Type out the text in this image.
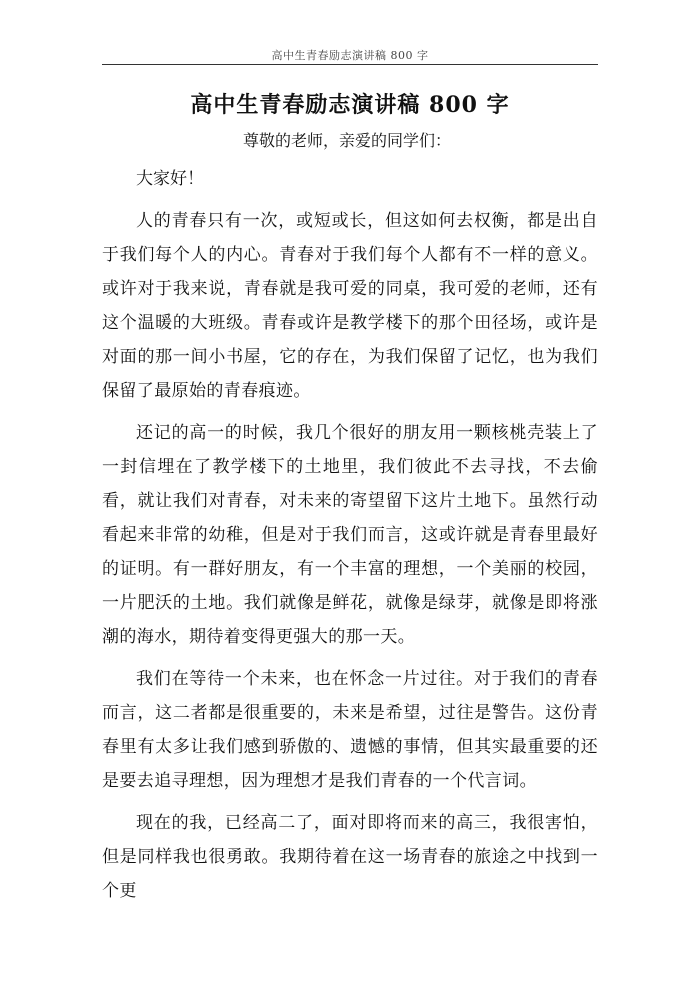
高中生青春励志演讲稿 800 字
高中生青春励志演讲稿 800 字

尊敬的老师，亲爱的同学们：

大家好！

人的青春只有一次，或短或长，但这如何去权衡，都是出自于我们每个人的内心。青春对于我们每个人都有不一样的意义。或许对于我来说，青春就是我可爱的同桌，我可爱的老师，还有这个温暖的大班级。青春或许是教学楼下的那个田径场，或许是对面的那一间小书屋，它的存在，为我们保留了记忆，也为我们保留了最原始的青春痕迹。

还记的高一的时候，我几个很好的朋友用一颗核桃壳装上了一封信埋在了教学楼下的土地里，我们彼此不去寻找，不去偷看，就让我们对青春，对未来的寄望留下这片土地下。虽然行动看起来非常的幼稚，但是对于我们而言，这或许就是青春里最好的证明。有一群好朋友，有一个丰富的理想，一个美丽的校园，一片肥沃的土地。我们就像是鲜花，就像是绿芽，就像是即将涨潮的海水，期待着变得更强大的那一天。

我们在等待一个未来，也在怀念一片过往。对于我们的青春而言，这二者都是很重要的，未来是希望，过往是警告。这份青春里有太多让我们感到骄傲的、遗憾的事情，但其实最重要的还是要去追寻理想，因为理想才是我们青春的一个代言词。

现在的我，已经高二了，面对即将而来的高三，我很害怕，但是同样我也很勇敢。我期待着在这一场青春的旅途之中找到一个更
